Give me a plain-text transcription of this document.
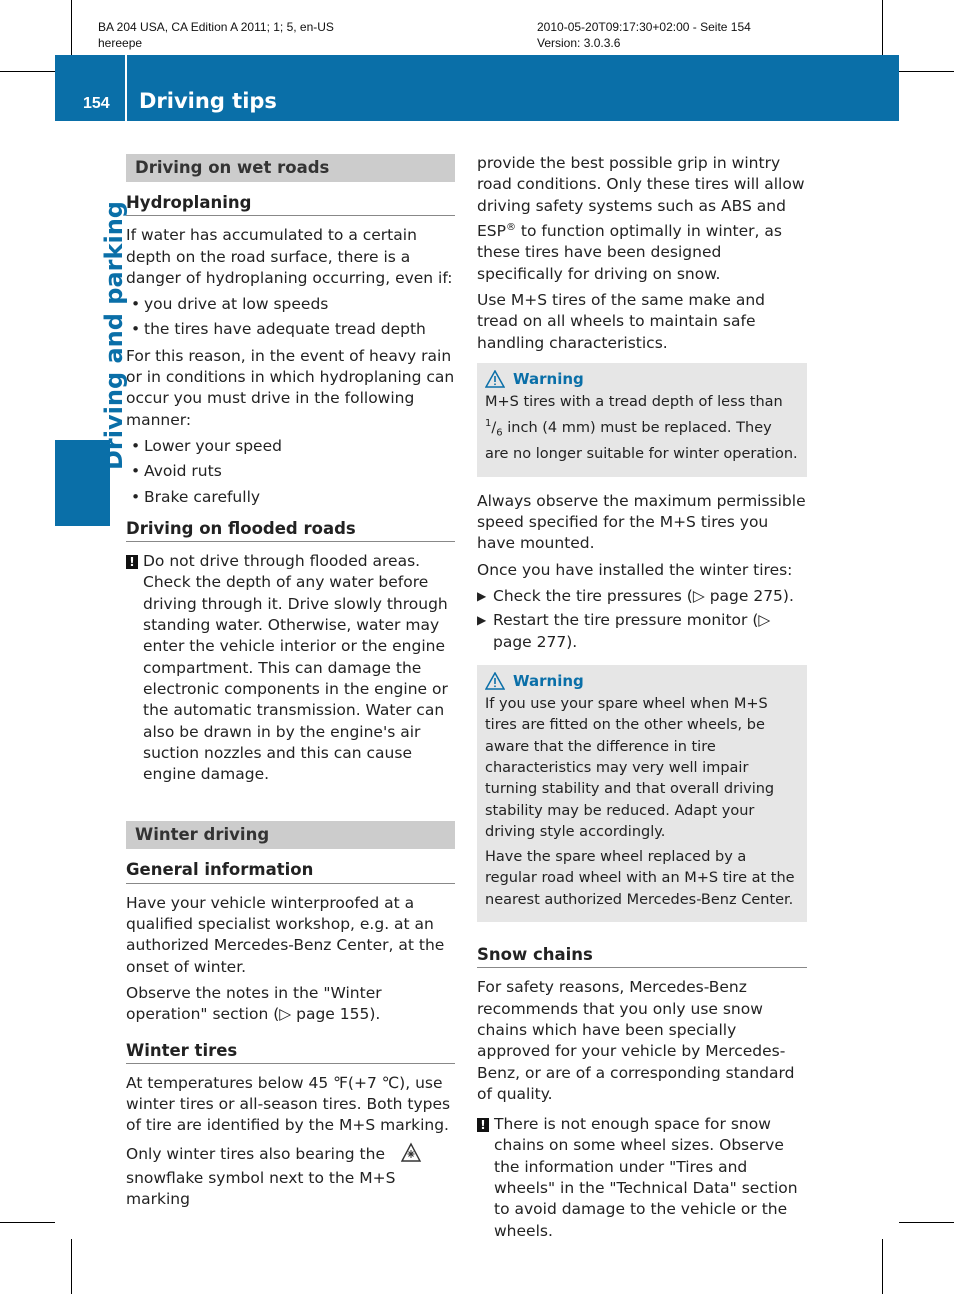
BA 204 USA, CA Edition A 2011; 1; 5, en-US
hereepe
2010-05-20T09:17:30+02:00 - Seite 154
Version: 3.0.3.6
154 Driving tips
Driving and parking
Driving on wet roads
Hydroplaning

If water has accumulated to a certain depth on the road surface, there is a danger of hydroplaning occurring, even if:

• you drive at low speeds
• the tires have adequate tread depth

For this reason, in the event of heavy rain or in conditions in which hydroplaning can occur you must drive in the following manner:

• Lower your speed
• Avoid ruts
• Brake carefully
Driving on flooded roads
! Do not drive through flooded areas. Check the depth of any water before driving through it. Drive slowly through standing water. Otherwise, water may enter the vehicle interior or the engine compartment. This can damage the electronic components in the engine or the automatic transmission. Water can also be drawn in by the engine's air suction nozzles and this can cause engine damage.
Winter driving
General information

Have your vehicle winterproofed at a qualified specialist workshop, e.g. at an authorized Mercedes-Benz Center, at the onset of winter.

Observe the notes in the "Winter operation" section (▷ page 155).

Winter tires

At temperatures below 45 ℉(+7 ℃), use winter tires or all-season tires. Both types of tire are identified by the M+S marking.

Only winter tires also bearing the
snowflake symbol next to the M+S marking

provide the best possible grip in wintry road conditions. Only these tires will allow driving safety systems such as ABS and ESP® to function optimally in winter, as these tires have been designed specifically for driving on snow.

Use M+S tires of the same make and tread on all wheels to maintain safe handling characteristics.

Warning

M+S tires with a tread depth of less than $^1/_6$ inch (4 mm) must be replaced. They are no longer suitable for winter operation.

Always observe the maximum permissible speed specified for the M+S tires you have mounted.

Once you have installed the winter tires:

▶ Check the tire pressures (▷ page 275).
▶ Restart the tire pressure monitor (▷ page 277).
Warning

If you use your spare wheel when M+S tires are fitted on the other wheels, be aware that the difference in tire characteristics may very well impair turning stability and that overall driving stability may be reduced. Adapt your driving style accordingly.

Have the spare wheel replaced by a regular road wheel with an M+S tire at the nearest authorized Mercedes-Benz Center.

Snow chains

For safety reasons, Mercedes-Benz recommends that you only use snow chains which have been specially approved for your vehicle by Mercedes-Benz, or are of a corresponding standard of quality.

! There is not enough space for snow chains on some wheel sizes. Observe the information under "Tires and wheels" in the "Technical Data" section to avoid damage to the vehicle or the wheels.
